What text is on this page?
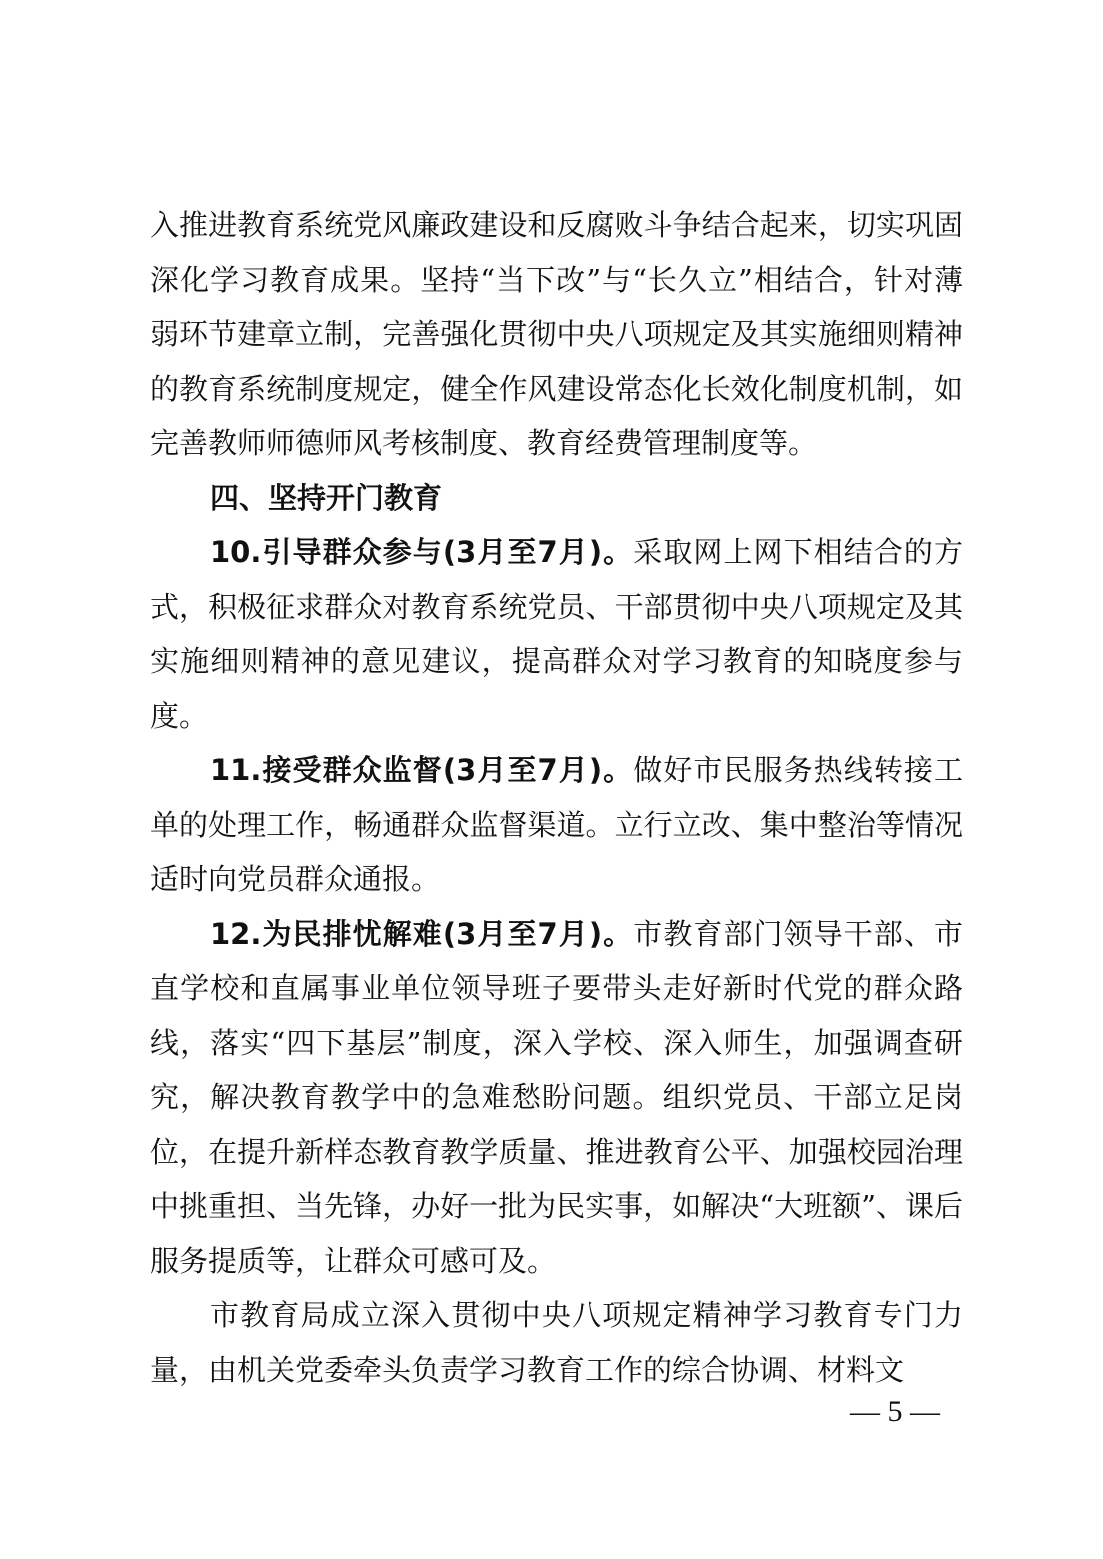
入推进教育系统党风廉政建设和反腐败斗争结合起来，切实巩固深化学习教育成果。坚持“当下改”与“长久立”相结合，针对薄弱环节建章立制，完善强化贯彻中央八项规定及其实施细则精神的教育系统制度规定，健全作风建设常态化长效化制度机制，如完善教师师德师风考核制度、教育经费管理制度等。

四、坚持开门教育

10.引导群众参与(3月至7月)。采取网上网下相结合的方式，积极征求群众对教育系统党员、干部贯彻中央八项规定及其实施细则精神的意见建议，提高群众对学习教育的知晓度参与度。

11.接受群众监督(3月至7月)。做好市民服务热线转接工单的处理工作，畅通群众监督渠道。立行立改、集中整治等情况适时向党员群众通报。

12.为民排忧解难(3月至7月)。市教育部门领导干部、市直学校和直属事业单位领导班子要带头走好新时代党的群众路线，落实“四下基层”制度，深入学校、深入师生，加强调查研究，解决教育教学中的急难愁盼问题。组织党员、干部立足岗位，在提升新样态教育教学质量、推进教育公平、加强校园治理中挑重担、当先锋，办好一批为民实事，如解决“大班额”、课后服务提质等，让群众可感可及。

市教育局成立深入贯彻中央八项规定精神学习教育专门力量，由机关党委牵头负责学习教育工作的综合协调、材料文

— 5 —
